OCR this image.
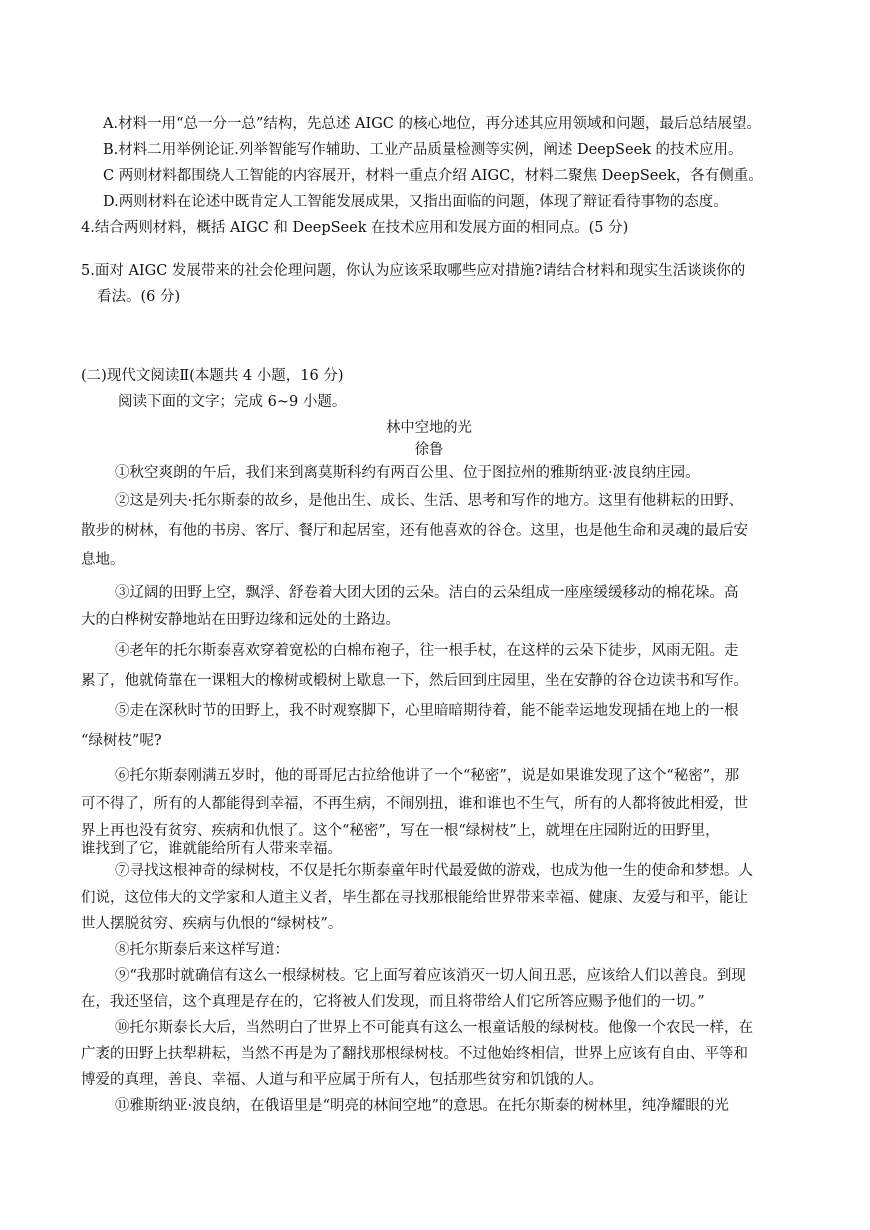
A.材料一用“总一分一总”结构，先总述 AIGC 的核心地位，再分述其应用领域和问题，最后总结展望。
B.材料二用举例论证.列举智能写作辅助、工业产品质量检测等实例，阐述 DeepSeek 的技术应用。
C 两则材料都围绕人工智能的内容展开，材料一重点介绍 AIGC，材料二聚焦 DeepSeek，各有侧重。
D.两则材料在论述中既肯定人工智能发展成果，又指出面临的问题，体现了辩证看待事物的态度。
4.结合两则材料，概括 AIGC 和 DeepSeek 在技术应用和发展方面的相同点。(5 分)
5.面对 AIGC 发展带来的社会伦理问题，你认为应该采取哪些应对措施?请结合材料和现实生活谈谈你的
看法。(6 分)
(二)现代文阅读Ⅱ(本题共 4 小题，16 分)
阅读下面的文字；完成 6~9 小题。
林中空地的光
徐鲁
①秋空爽朗的午后，我们来到离莫斯科约有两百公里、位于图拉州的雅斯纳亚·波良纳庄园。
②这是列夫·托尔斯泰的故乡，是他出生、成长、生活、思考和写作的地方。这里有他耕耘的田野、
散步的树林，有他的书房、客厅、餐厅和起居室，还有他喜欢的谷仓。这里，也是他生命和灵魂的最后安
息地。
③辽阔的田野上空，飘浮、舒卷着大团大团的云朵。洁白的云朵组成一座座缓缓移动的棉花垛。高
大的白桦树安静地站在田野边缘和远处的土路边。
④老年的托尔斯泰喜欢穿着宽松的白棉布袍子，往一根手杖，在这样的云朵下徒步，风雨无阻。走
累了，他就倚靠在一课粗大的橡树或椴树上歇息一下，然后回到庄园里，坐在安静的谷仓边读书和写作。
⑤走在深秋时节的田野上，我不时观察脚下，心里暗暗期待着，能不能幸运地发现插在地上的一根
“绿树枝”呢?
⑥托尔斯泰刚满五岁时，他的哥哥尼古拉给他讲了一个“秘密”，说是如果谁发现了这个“秘密”，那
可不得了，所有的人都能得到幸福，不再生病，不闹别扭，谁和谁也不生气，所有的人都将彼此相爱，世
界上再也没有贫穷、疾病和仇恨了。这个“秘密”，写在一根“绿树枝”上，就埋在庄园附近的田野里，
谁找到了它，谁就能给所有人带来幸福。
⑦寻找这根神奇的绿树枝，不仅是托尔斯泰童年时代最爱做的游戏，也成为他一生的使命和梦想。人
们说，这位伟大的文学家和人道主义者，毕生都在寻找那根能给世界带来幸福、健康、友爱与和平，能让
世人摆脱贫穷、疾病与仇恨的“绿树枝”。
⑧托尔斯泰后来这样写道：
⑨“我那时就确信有这么一根绿树枝。它上面写着应该消灭一切人间丑恶，应该给人们以善良。到现
在，我还坚信，这个真理是存在的，它将被人们发现，而且将带给人们它所答应赐予他们的一切。”
⑩托尔斯泰长大后，当然明白了世界上不可能真有这么一根童话般的绿树枝。他像一个农民一样，在
广袤的田野上扶犁耕耘，当然不再是为了翻找那根绿树枝。不过他始终相信，世界上应该有自由、平等和
博爱的真理，善良、幸福、人道与和平应属于所有人，包括那些贫穷和饥饿的人。
⑪雅斯纳亚·波良纳，在俄语里是“明亮的林间空地”的意思。在托尔斯泰的树林里，纯净耀眼的光
